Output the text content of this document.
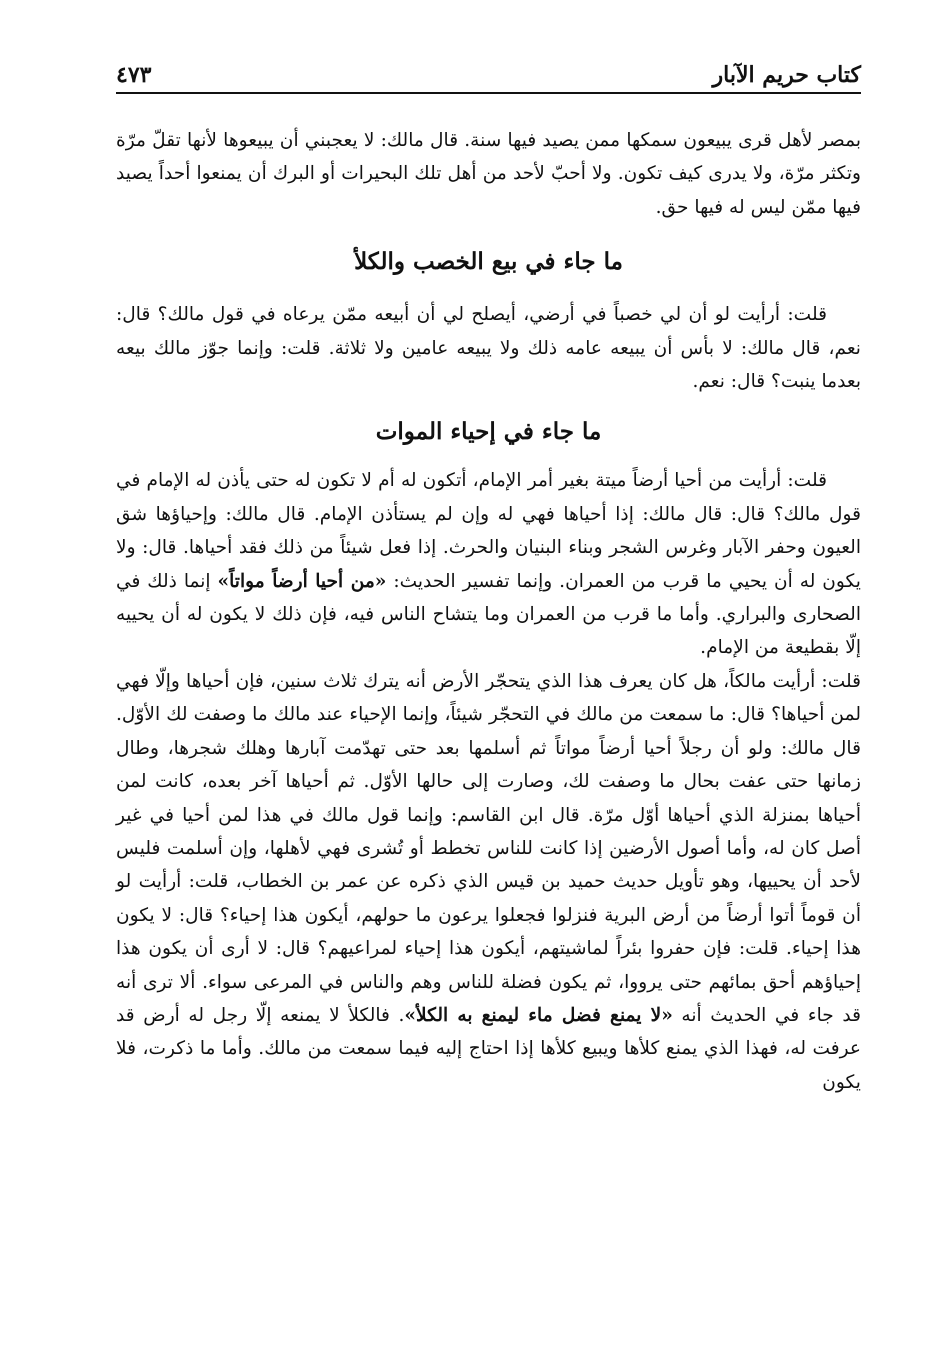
كتاب حريم الآبار
٤٧٣

بمصر لأهل قرى يبيعون سمكها ممن يصيد فيها سنة. قال مالك: لا يعجبني أن يبيعوها لأنها تقلّ مرّة وتكثر مرّة، ولا يدرى كيف تكون. ولا أحبّ لأحد من أهل تلك البحيرات أو البرك أن يمنعوا أحداً يصيد فيها ممّن ليس له فيها حق.

ما جاء في بيع الخصب والكلأ

قلت: أرأيت لو أن لي خصباً في أرضي، أيصلح لي أن أبيعه ممّن يرعاه في قول مالك؟ قال: نعم، قال مالك: لا بأس أن يبيعه عامه ذلك ولا يبيعه عامين ولا ثلاثة. قلت: وإنما جوّز مالك بيعه بعدما ينبت؟ قال: نعم.

ما جاء في إحياء الموات

قلت: أرأيت من أحيا أرضاً ميتة بغير أمر الإمام، أتكون له أم لا تكون له حتى يأذن له الإمام في قول مالك؟ قال: قال مالك: إذا أحياها فهي له وإن لم يستأذن الإمام. قال مالك: وإحياؤها شق العيون وحفر الآبار وغرس الشجر وبناء البنيان والحرث. إذا فعل شيئاً من ذلك فقد أحياها. قال: ولا يكون له أن يحيي ما قرب من العمران. وإنما تفسير الحديث: «من أحيا أرضاً مواتاً» إنما ذلك في الصحارى والبراري. وأما ما قرب من العمران وما يتشاح الناس فيه، فإن ذلك لا يكون له أن يحييه إلّا بقطيعة من الإمام.

قلت: أرأيت مالكاً، هل كان يعرف هذا الذي يتحجّر الأرض أنه يترك ثلاث سنين، فإن أحياها وإلّا فهي لمن أحياها؟ قال: ما سمعت من مالك في التحجّر شيئاً، وإنما الإحياء عند مالك ما وصفت لك الأوّل. قال مالك: ولو أن رجلاً أحيا أرضاً مواتاً ثم أسلمها بعد حتى تهدّمت آبارها وهلك شجرها، وطال زمانها حتى عفت بحال ما وصفت لك، وصارت إلى حالها الأوّل. ثم أحياها آخر بعده، كانت لمن أحياها بمنزلة الذي أحياها أوّل مرّة. قال ابن القاسم: وإنما قول مالك في هذا لمن أحيا في غير أصل كان له، وأما أصول الأرضين إذا كانت للناس تخطط أو تُشرى فهي لأهلها، وإن أسلمت فليس لأحد أن يحييها، وهو تأويل حديث حميد بن قيس الذي ذكره عن عمر بن الخطاب، قلت: أرأيت لو أن قوماً أتوا أرضاً من أرض البرية فنزلوا فجعلوا يرعون ما حولهم، أيكون هذا إحياء؟ قال: لا يكون هذا إحياء. قلت: فإن حفروا بئراً لماشيتهم، أيكون هذا إحياء لمراعيهم؟ قال: لا أرى أن يكون هذا إحياؤهم أحق بمائهم حتى يرووا، ثم يكون فضلة للناس وهم والناس في المرعى سواء. ألا ترى أنه قد جاء في الحديث أنه «لا يمنع فضل ماء ليمنع به الكلأ». فالكلأ لا يمنعه إلّا رجل له أرض قد عرفت له، فهذا الذي يمنع كلأها ويبيع كلأها إذا احتاج إليه فيما سمعت من مالك. وأما ما ذكرت، فلا يكون
